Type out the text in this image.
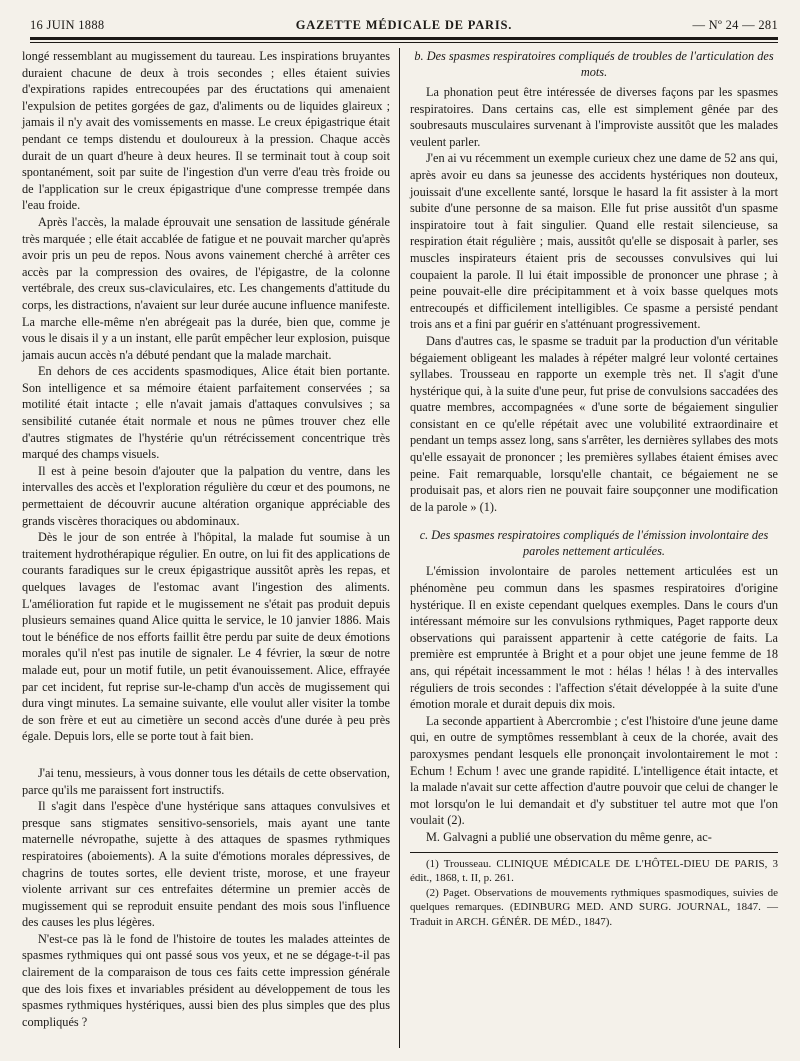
16 JUIN 1888	GAZETTE MÉDICALE DE PARIS.	— Nº 24 — 281

longé ressemblant au mugissement du taureau. Les inspirations bruyantes duraient chacune de deux à trois secondes ; elles étaient suivies d'expirations rapides entrecoupées par des éructations qui amenaient l'expulsion de petites gorgées de gaz, d'aliments ou de liquides glaireux ; jamais il n'y avait des vomissements en masse. Le creux épigastrique était pendant ce temps distendu et douloureux à la pression. Chaque accès durait de un quart d'heure à deux heures. Il se terminait tout à coup soit spontanément, soit par suite de l'ingestion d'un verre d'eau très froide ou de l'application sur le creux épigastrique d'une compresse trempée dans l'eau froide.

Après l'accès, la malade éprouvait une sensation de lassitude générale très marquée ; elle était accablée de fatigue et ne pouvait marcher qu'après avoir pris un peu de repos. Nous avons vainement cherché à arrêter ces accès par la compression des ovaires, de l'épigastre, de la colonne vertébrale, des creux sus-claviculaires, etc. Les changements d'attitude du corps, les distractions, n'avaient sur leur durée aucune influence manifeste. La marche elle-même n'en abrégeait pas la durée, bien que, comme je vous le disais il y a un instant, elle parût empêcher leur explosion, puisque jamais aucun accès n'a débuté pendant que la malade marchait.

En dehors de ces accidents spasmodiques, Alice était bien portante. Son intelligence et sa mémoire étaient parfaitement conservées ; sa motilité était intacte ; elle n'avait jamais d'attaques convulsives ; sa sensibilité cutanée était normale et nous ne pûmes trouver chez elle d'autres stigmates de l'hystérie qu'un rétrécissement concentrique très marqué des champs visuels.

Il est à peine besoin d'ajouter que la palpation du ventre, dans les intervalles des accès et l'exploration régulière du cœur et des poumons, ne permettaient de découvrir aucune altération organique appréciable des grands viscères thoraciques ou abdominaux.

Dès le jour de son entrée à l'hôpital, la malade fut soumise à un traitement hydrothérapique régulier. En outre, on lui fit des applications de courants faradiques sur le creux épigastrique aussitôt après les repas, et quelques lavages de l'estomac avant l'ingestion des aliments. L'amélioration fut rapide et le mugissement ne s'était pas produit depuis plusieurs semaines quand Alice quitta le service, le 10 janvier 1886. Mais tout le bénéfice de nos efforts faillit être perdu par suite de deux émotions morales qu'il n'est pas inutile de signaler. Le 4 février, la sœur de notre malade eut, pour un motif futile, un petit évanouissement. Alice, effrayée par cet incident, fut reprise sur-le-champ d'un accès de mugissement qui dura vingt minutes. La semaine suivante, elle voulut aller visiter la tombe de son frère et eut au cimetière un second accès d'une durée à peu près égale. Depuis lors, elle se porte tout à fait bien.

J'ai tenu, messieurs, à vous donner tous les détails de cette observation, parce qu'ils me paraissent fort instructifs.

Il s'agit dans l'espèce d'une hystérique sans attaques convulsives et presque sans stigmates sensitivo-sensoriels, mais ayant une tante maternelle névropathe, sujette à des attaques de spasmes rythmiques respiratoires (aboiements). A la suite d'émotions morales dépressives, de chagrins de toutes sortes, elle devient triste, morose, et une frayeur violente arrivant sur ces entrefaites détermine un premier accès de mugissement qui se reproduit ensuite pendant des mois sous l'influence des causes les plus légères.

N'est-ce pas là le fond de l'histoire de toutes les malades atteintes de spasmes rythmiques qui ont passé sous vos yeux, et ne se dégage-t-il pas clairement de la comparaison de tous ces faits cette impression générale que des lois fixes et invariables président au développement de tous les spasmes rythmiques hystériques, aussi bien des plus simples que des plus compliqués ?

b. Des spasmes respiratoires compliqués de troubles de l'articulation des mots.

La phonation peut être intéressée de diverses façons par les spasmes respiratoires. Dans certains cas, elle est simplement gênée par des soubresauts musculaires survenant à l'improviste aussitôt que les malades veulent parler.

J'en ai vu récemment un exemple curieux chez une dame de 52 ans qui, après avoir eu dans sa jeunesse des accidents hystériques non douteux, jouissait d'une excellente santé, lorsque le hasard la fit assister à la mort subite d'une personne de sa maison. Elle fut prise aussitôt d'un spasme inspiratoire tout à fait singulier. Quand elle restait silencieuse, sa respiration était régulière ; mais, aussitôt qu'elle se disposait à parler, ses muscles inspirateurs étaient pris de secousses convulsives qui lui coupaient la parole. Il lui était impossible de prononcer une phrase ; à peine pouvait-elle dire précipitamment et à voix basse quelques mots entrecoupés et difficilement intelligibles. Ce spasme a persisté pendant trois ans et a fini par guérir en s'atténuant progressivement.

Dans d'autres cas, le spasme se traduit par la production d'un véritable bégaiement obligeant les malades à répéter malgré leur volonté certaines syllabes. Trousseau en rapporte un exemple très net. Il s'agit d'une hystérique qui, à la suite d'une peur, fut prise de convulsions saccadées des quatre membres, accompagnées « d'une sorte de bégaiement singulier consistant en ce qu'elle répétait avec une volubilité extraordinaire et pendant un temps assez long, sans s'arrêter, les dernières syllabes des mots qu'elle essayait de prononcer ; les premières syllabes étaient émises avec peine. Fait remarquable, lorsqu'elle chantait, ce bégaiement ne se produisait pas, et alors rien ne pouvait faire soupçonner une modification de la parole » (1).

c. Des spasmes respiratoires compliqués de l'émission involontaire des paroles nettement articulées.

L'émission involontaire de paroles nettement articulées est un phénomène peu commun dans les spasmes respiratoires d'origine hystérique. Il en existe cependant quelques exemples. Dans le cours d'un intéressant mémoire sur les convulsions rythmiques, Paget rapporte deux observations qui paraissent appartenir à cette catégorie de faits. La première est empruntée à Bright et a pour objet une jeune femme de 18 ans, qui répétait incessamment le mot : hélas ! hélas ! à des intervalles réguliers de trois secondes : l'affection s'était développée à la suite d'une émotion morale et durait depuis dix mois.

La seconde appartient à Abercrombie ; c'est l'histoire d'une jeune dame qui, en outre de symptômes ressemblant à ceux de la chorée, avait des paroxysmes pendant lesquels elle prononçait involontairement le mot : Echum ! Echum ! avec une grande rapidité. L'intelligence était intacte, et la malade n'avait sur cette affection d'autre pouvoir que celui de changer le mot lorsqu'on le lui demandait et d'y substituer tel autre mot que l'on voulait (2).

M. Galvagni a publié une observation du même genre, ac-

(1) Trousseau. CLINIQUE MÉDICALE DE L'HÔTEL-DIEU DE PARIS, 3 édit., 1868, t. II, p. 261.

(2) Paget. Observations de mouvements rythmiques spasmodiques, suivies de quelques remarques. (EDINBURG MED. AND SURG. JOURNAL, 1847. — Traduit in ARCH. GÉNÉR. DE MÉD., 1847).
